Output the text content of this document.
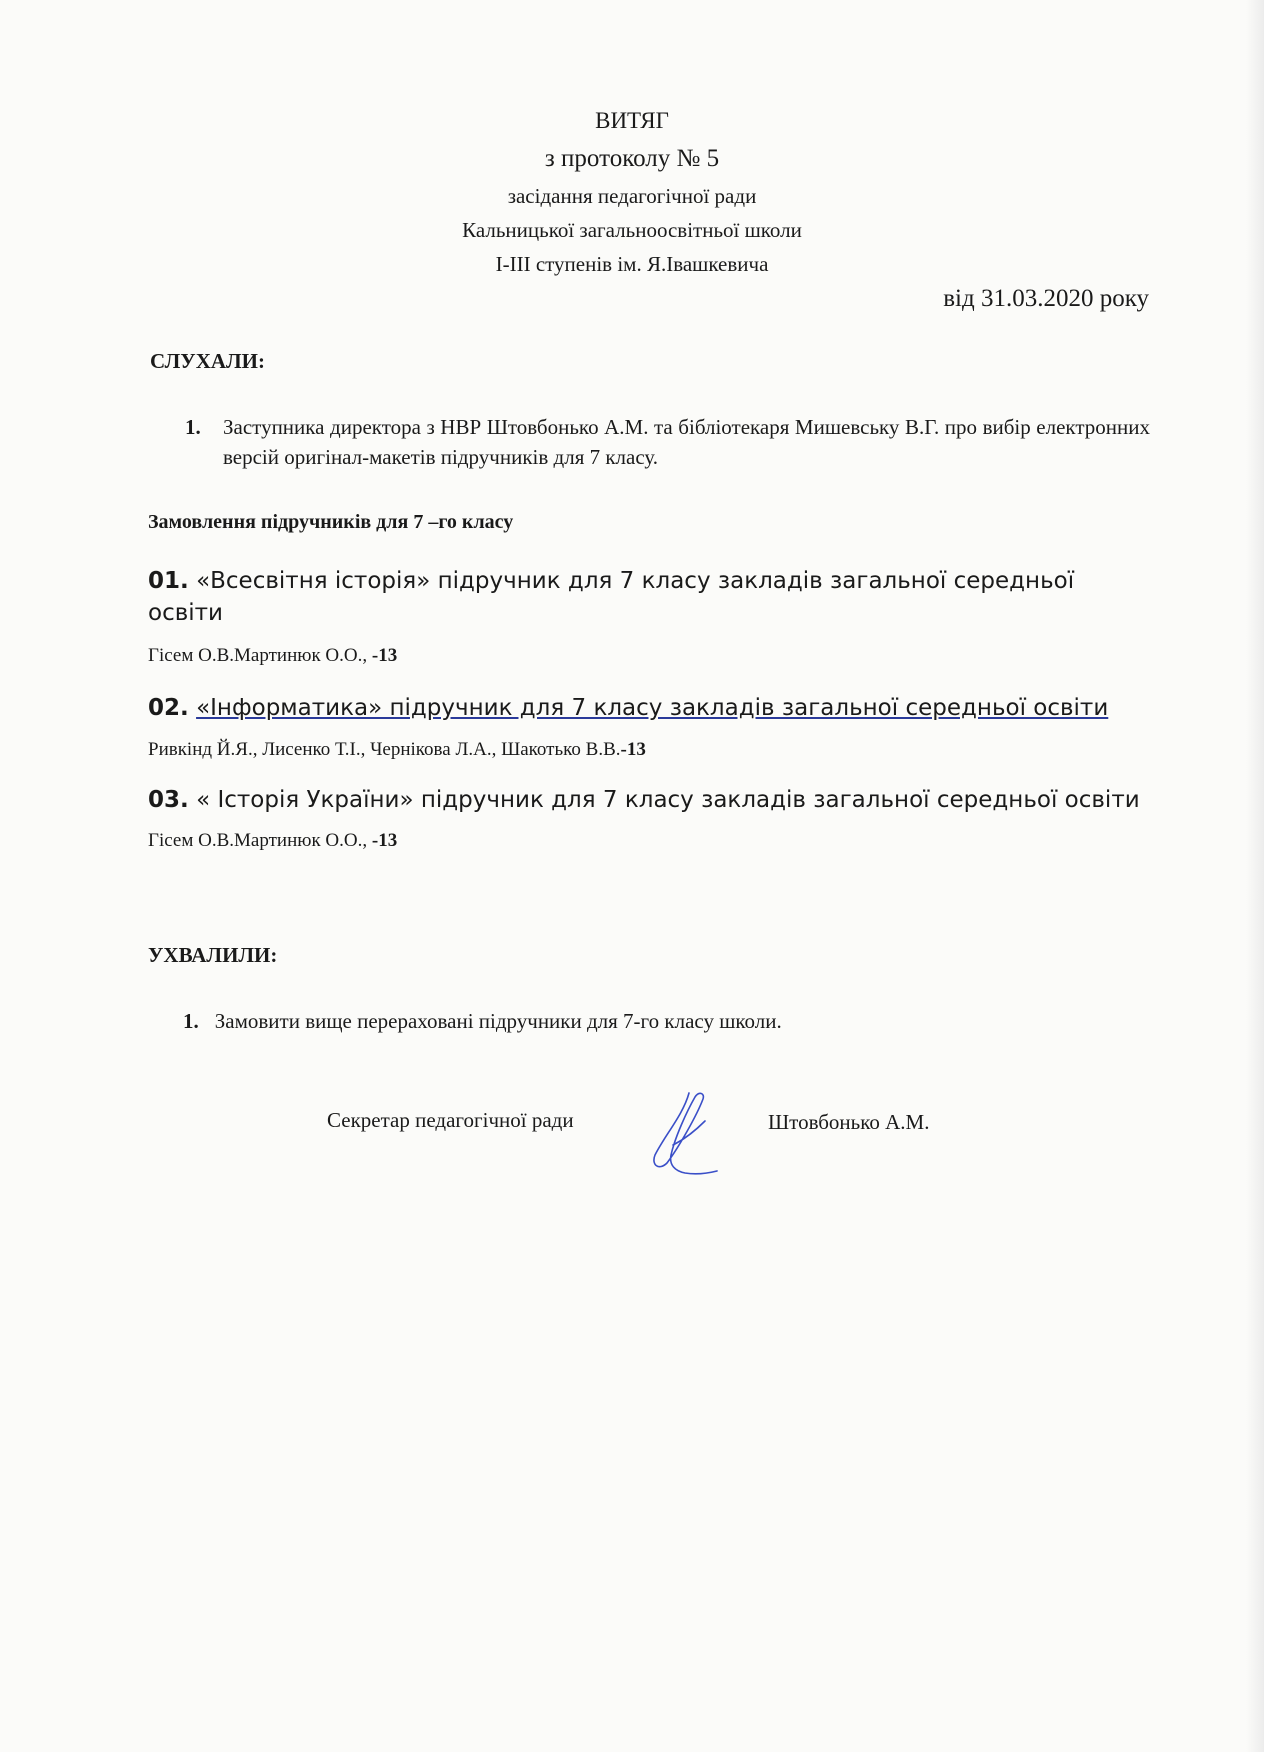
ВИТЯГ
з протоколу № 5
засідання педагогічної ради
Кальницької загальноосвітньої школи
І-ІІІ ступенів ім. Я.Івашкевича
від 31.03.2020 року
СЛУХАЛИ:
1. Заступника директора з НВР Штовбонько А.М. та бібліотекаря Мишевську В.Г. про вибір електронних версій оригінал-макетів підручників для 7 класу.
Замовлення підручників для 7 –го класу
01. «Всесвітня історія» підручник для 7 класу закладів загальної середньої освіти
Гісем О.В.Мартинюк О.О., -13
02. «Інформатика» підручник для 7 класу закладів загальної середньої освіти
Ривкінд Й.Я., Лисенко Т.І., Чернікова Л.А., Шакотько В.В.-13
03. « Історія України» підручник для 7 класу закладів загальної середньої освіти
Гісем О.В.Мартинюк О.О., -13
УХВАЛИЛИ:
1. Замовити вище перераховані підручники для 7-го класу школи.
Секретар педагогічної ради	Штовбонько А.М.
